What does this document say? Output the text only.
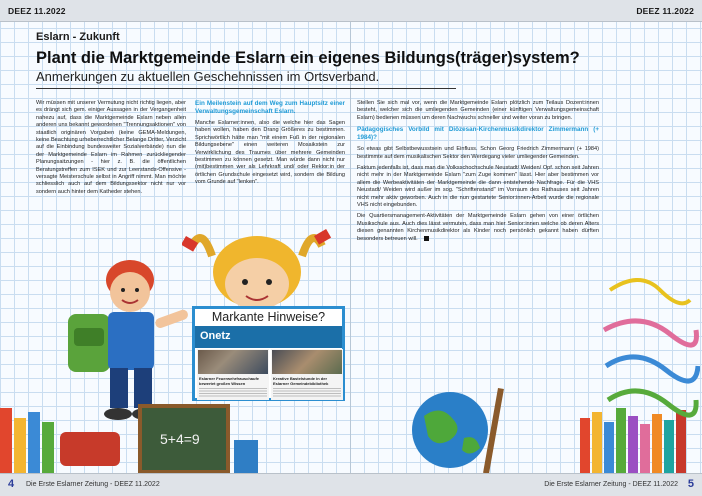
DEEZ 11.2022	DEEZ 11.2022
5+4=9
Eslarn - Zukunft
Plant die Marktgemeinde Eslarn ein eigenes Bildungs(träger)system?
Anmerkungen zu aktuellen Geschehnissen im Ortsverband.

Wir müssen mit unserer Vermutung nicht richtig liegen, aber es drängt sich gem. einiger Aussagen in der Vergangenheit nahezu auf, dass die Marktgemeinde Eslarn neben allen anderen uns bekannt gewordenen "Trennungsaktionen" von staatlich originären Vorgaben (keine GEMA-Meldungen, keine Beachtung urheberrechtlicher Belange Dritter, Verzicht auf die Einbindung bundesweiter Sozialverbände) nun die der Marktgemeinde Eslarn im Rahmen zurückliegender Planungsaitzungen - hier z. B. die öffentlichen Beratungstreffen zum ISEK und zur Leerstands-Offensive - versagte Meisterschule selbst in Angriff nimmt. Man möchte schliesslich auch auf dem Bildungssektor nicht nur vor sondern auch hinter dem Katheder stehen.

Ein Meilenstein auf dem Weg zum Hauptsitz einer Verwaltungsgemeinschaft Eslarn.

Manche Eslarner:innen, also die welche hier das Sagen haben wollen, haben den Drang Größeres zu bestimmen. Sprichwörtlich hätte man "mit einem Fuß in der regionalen Bildungsebene" einen weiteren Mosaikstein zur Verwirklichung des Traumes über mehrere Gemeinden bestimmen zu können gesetzt. Man würde dann nicht nur (mit)bestimmen wer als Lehrkraft und/ oder Rektor:in der örtlichen Grundschule eingesetzt wird, sondern die Bildung vom Grunde auf "lenken".

Stellen Sie sich mal vor, wenn die Marktgemeinde Eslarn plötzlich zum Teilaus Dozent:innen besteht, welcher sich die umliegenden Gemeinden (einer künftigen Verwaltungsgemeinschaft Eslarn) bedienen müssen um deren Nachwuchs schneller und weiter voran zu bringen.

Pädagogisches Vorbild mit Diözesan-Kirchenmusikdirektor Zimmermann (+ 1984)?

So etwas gibt Selbstbewusstsein und Einfluss. Schon Georg Friedrich Zimmermann (+ 1984) bestimmte auf dem musikalischen Sektor den Werdegang vieler umliegender Gemeinden.

Faktum jedenfalls ist, dass man die Volksschochschule Neustadt/ Weiden/ Opf. schon seit Jahren nicht mehr in der Marktgemeinde Eslarn "zum Zuge kommen" lässt. Hier aber bestimmen vor allem die Werbeaktivitäten der Marktgemeinde die dann entstehende Nachfrage. Für die VHS Neustadt/ Weiden wird außer im sog. "Schriftenstand" im Vorraum des Rathauses seit Jahren nicht mehr aktiv geworben. Auch in die nun gestartete Senior:innen-Arbeit wurde die regionale VHS nicht eingebunden.

Die Quartiersmanagement-Aktivitäten der Marktgemeinde Eslarn gehen von einer örtlichen Musikschule aus. Auch dies lässt vermuten, dass man hier Senior:innen welche ob deren Alters diesen genannten Kirchenmusikdirektor als Kinder noch persönlich gekannt haben dürften besonders betreuen will.

Markante Hinweise?
Onetz
Eslarner Feuerwehrfrauschaufe bewertet großen Wissen
Kreative Bastelstunde in der Eslarner Gemeindebibliothek
4 Die Erste Eslarner Zeitung - DEEZ 11.2022	Die Erste Eslarner Zeitung - DEEZ 11.2022 5
